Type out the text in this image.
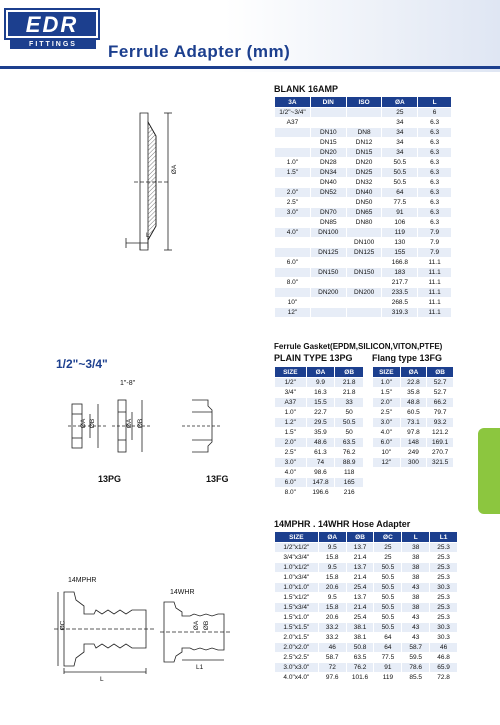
EDR
FITTINGS	Ferrule Adapter (mm)
ØA
L
BLANK 16AMP
3A	DIN	ISO	ØA	L
1/2"~3/4"			25	6
A37			34	6.3
	DN10	DN8	34	6.3
	DN15	DN12	34	6.3
	DN20	DN15	34	6.3
1.0"	DN28	DN20	50.5	6.3
1.5"	DN34	DN25	50.5	6.3
	DN40	DN32	50.5	6.3
2.0"	DN52	DN40	64	6.3
2.5"		DN50	77.5	6.3
3.0"	DN70	DN65	91	6.3
	DN85	DN80	106	6.3
4.0"	DN100		119	7.9
		DN100	130	7.9
	DN125	DN125	155	7.9
6.0"			166.8	11.1
	DN150	DN150	183	11.1
8.0"			217.7	11.1
	DN200	DN200	233.5	11.1
10"			268.5	11.1
12"			319.3	11.1
1/2"~3/4"
1"-8"
ØA ØB	ØA ØB
13PG	13FG
Ferrule Gasket(EPDM,SILICON,VITON,PTFE)
PLAIN TYPE 13PG Flang type 13FG
SIZE	ØA	ØB
1/2"	9.9	21.8
3/4"	16.3	21.8
A37	15.5	33
1.0"	22.7	50
1.2"	29.5	50.5
1.5"	35.9	50
2.0"	48.6	63.5
2.5"	61.3	76.2
3.0"	74	88.9
4.0"	98.6	118
6.0"	147.8	165
8.0"	196.6	216
SIZE	ØA	ØB
1.0"	22.8	52.7
1.5"	35.8	52.7
2.0"	48.8	66.2
2.5"	60.5	79.7
3.0"	73.1	93.2
4.0"	97.8	121.2
6.0"	148	169.1
10"	249	270.7
12"	300	321.5
14MPHR
14WHR
ØC
L
ØA ØB
L1
14MPHR . 14WHR Hose Adapter
SIZE	ØA	ØB	ØC	L	L1
1/2"x1/2"	9.5	13.7	25	38	25.3
3/4"x3/4"	15.8	21.4	25	38	25.3
1.0"x1/2"	9.5	13.7	50.5	38	25.3
1.0"x3/4"	15.8	21.4	50.5	38	25.3
1.0"x1.0"	20.6	25.4	50.5	43	30.3
1.5"x1/2"	9.5	13.7	50.5	38	25.3
1.5"x3/4"	15.8	21.4	50.5	38	25.3
1.5"x1.0"	20.6	25.4	50.5	43	25.3
1.5"x1.5"	33.2	38.1	50.5	43	30.3
2.0"x1.5"	33.2	38.1	64	43	30.3
2.0"x2.0"	46	50.8	64	58.7	46
2.5"x2.5"	58.7	63.5	77.5	59.5	46.8
3.0"x3.0"	72	76.2	91	78.6	65.9
4.0"x4.0"	97.6	101.6	119	85.5	72.8
